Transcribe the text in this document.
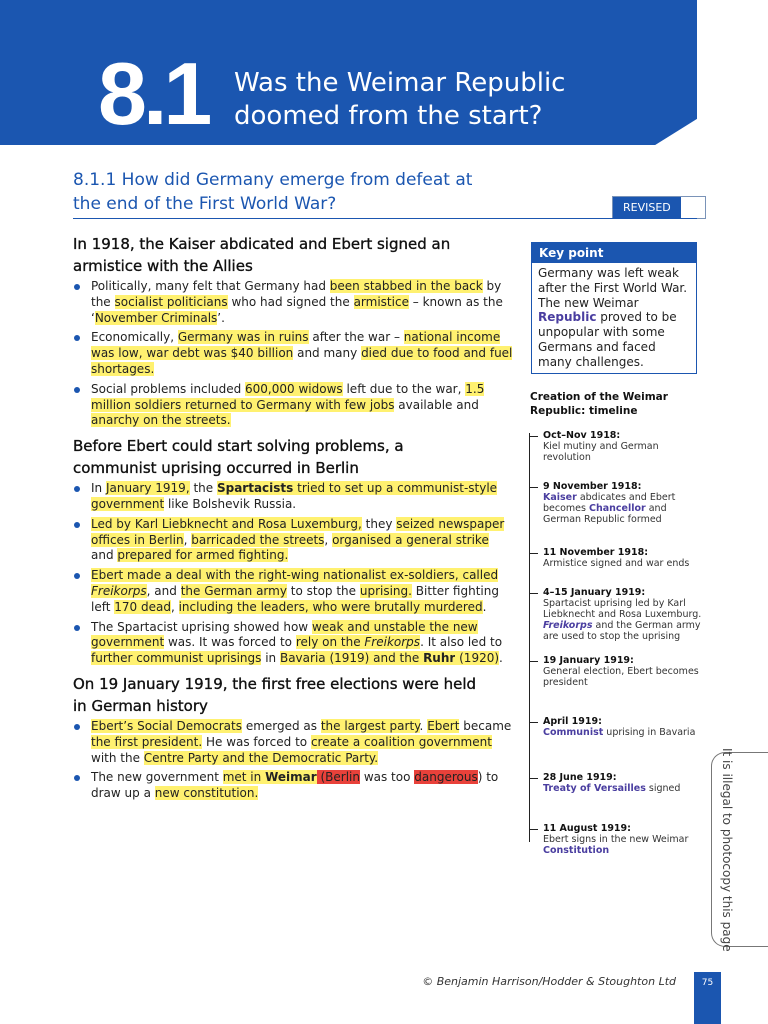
8.1 Was the Weimar Republic
doomed from the start?
8.1.1 How did Germany emerge from defeat at
the end of the First World War?	REVISED
In 1918, the Kaiser abdicated and Ebert signed an
armistice with the Allies
Politically, many felt that Germany had been stabbed in the back by the socialist politicians who had signed the armistice – known as the ‘November Criminals’.
Economically, Germany was in ruins after the war – national income was low, war debt was $40 billion and many died due to food and fuel shortages.
Social problems included 600,000 widows left due to the war, 1.5 million soldiers returned to Germany with few jobs available and anarchy on the streets.
Before Ebert could start solving problems, a
communist uprising occurred in Berlin
In January 1919, the Spartacists tried to set up a communist-style government like Bolshevik Russia.
Led by Karl Liebknecht and Rosa Luxemburg, they seized newspaper offices in Berlin, barricaded the streets, organised a general strike and prepared for armed fighting.
Ebert made a deal with the right-wing nationalist ex-soldiers, called Freikorps, and the German army to stop the uprising. Bitter fighting left 170 dead, including the leaders, who were brutally murdered.
The Spartacist uprising showed how weak and unstable the new government was. It was forced to rely on the Freikorps. It also led to further communist uprisings in Bavaria (1919) and the Ruhr (1920).
On 19 January 1919, the first free elections were held
in German history
Ebert’s Social Democrats emerged as the largest party. Ebert became the first president. He was forced to create a coalition government with the Centre Party and the Democratic Party.
The new government met in Weimar (Berlin was too dangerous) to draw up a new constitution.
Key point
Germany was left weak after the First World War. The new Weimar Republic proved to be unpopular with some Germans and faced many challenges.
Creation of the Weimar Republic: timeline
Oct–Nov 1918:
Kiel mutiny and German revolution
9 November 1918:
Kaiser abdicates and Ebert becomes Chancellor and German Republic formed
11 November 1918:
Armistice signed and war ends
4–15 January 1919:
Spartacist uprising led by Karl Liebknecht and Rosa Luxemburg. Freikorps and the German army are used to stop the uprising
19 January 1919:
General election, Ebert becomes president
April 1919:
Communist uprising in Bavaria
28 June 1919:
Treaty of Versailles signed
11 August 1919:
Ebert signs in the new Weimar Constitution	It is illegal to photocopy this page
© Benjamin Harrison/Hodder & Stoughton Ltd	75
